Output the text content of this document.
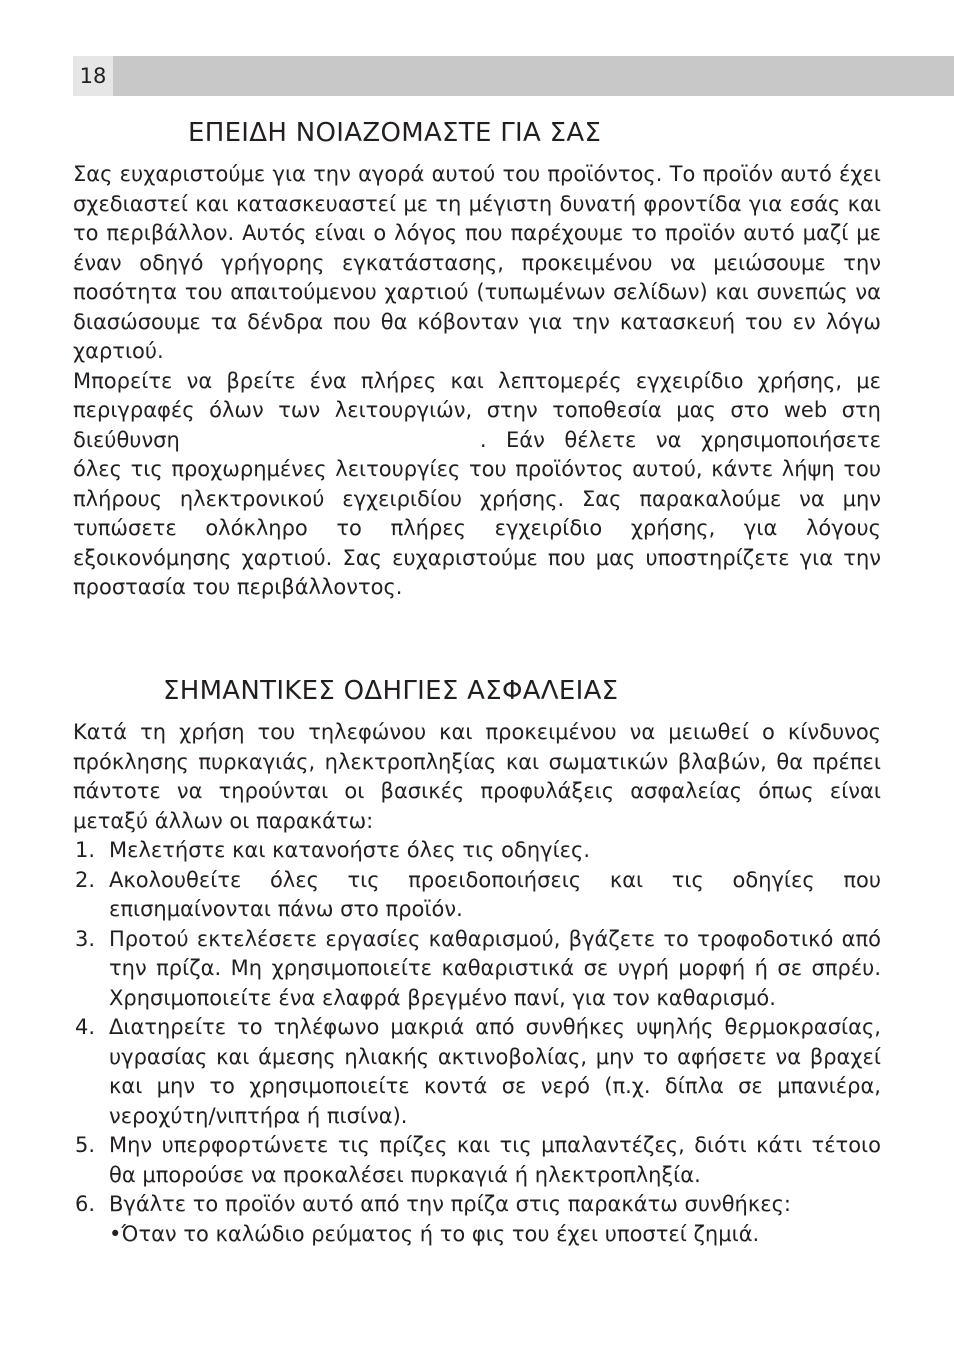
18
ΕΠΕΙΔΗ ΝΟΙΑΖΟΜΑΣΤΕ ΓΙΑ ΣΑΣ

Σας ευχαριστούμε για την αγορά αυτού του προϊόντος. Το προϊόν αυτό έχει σχεδιαστεί και κατασκευαστεί με τη μέγιστη δυνατή φροντίδα για εσάς και το περιβάλλον. Αυτός είναι ο λόγος που παρέχουμε το προϊόν αυτό μαζί με έναν οδηγό γρήγορης εγκατάστασης, προκειμένου να μειώσουμε την ποσότητα του απαιτούμενου χαρτιού (τυπωμένων σελίδων) και συνεπώς να διασώσουμε τα δένδρα που θα κόβονταν για την κατασκευή του εν λόγω χαρτιού.

Μπορείτε να βρείτε ένα πλήρες και λεπτομερές εγχειρίδιο χρήσης, με περιγραφές όλων των λειτουργιών, στην τοποθεσία μας στο web στη διεύθυνση	. Εάν θέλετε να χρησιμοποιήσετε όλες τις προχωρημένες λειτουργίες του προϊόντος αυτού, κάντε λήψη του πλήρους ηλεκτρονικού εγχειριδίου χρήσης. Σας παρακαλούμε να μην τυπώσετε ολόκληρο το πλήρες εγχειρίδιο χρήσης, για λόγους εξοικονόμησης χαρτιού. Σας ευχαριστούμε που μας υποστηρίζετε για την προστασία του περιβάλλοντος.

ΣΗΜΑΝΤΙΚΕΣ ΟΔΗΓΙΕΣ ΑΣΦΑΛΕΙΑΣ

Κατά τη χρήση του τηλεφώνου και προκειμένου να μειωθεί ο κίνδυνος πρόκλησης πυρκαγιάς, ηλεκτροπληξίας και σωματικών βλαβών, θα πρέπει πάντοτε να τηρούνται οι βασικές προφυλάξεις ασφαλείας όπως είναι μεταξύ άλλων οι παρακάτω:

1. Μελετήστε και κατανοήστε όλες τις οδηγίες.
2. Ακολουθείτε όλες τις προειδοποιήσεις και τις οδηγίες που επισημαίνονται πάνω στο προϊόν.
3. Προτού εκτελέσετε εργασίες καθαρισμού, βγάζετε το τροφοδοτικό από την πρίζα. Μη χρησιμοποιείτε καθαριστικά σε υγρή μορφή ή σε σπρέυ. Χρησιμοποιείτε ένα ελαφρά βρεγμένο πανί, για τον καθαρισμό.
4. Διατηρείτε το τηλέφωνο μακριά από συνθήκες υψηλής θερμοκρασίας, υγρασίας και άμεσης ηλιακής ακτινοβολίας, μην το αφήσετε να βραχεί και μην το χρησιμοποιείτε κοντά σε νερό (π.χ. δίπλα σε μπανιέρα, νεροχύτη/νιπτήρα ή πισίνα).
5. Μην υπερφορτώνετε τις πρίζες και τις μπαλαντέζες, διότι κάτι τέτοιο θα μπορούσε να προκαλέσει πυρκαγιά ή ηλεκτροπληξία.
6. Βγάλτε το προϊόν αυτό από την πρίζα στις παρακάτω συνθήκες:
•Όταν το καλώδιο ρεύματος ή το φις του έχει υποστεί ζημιά.
